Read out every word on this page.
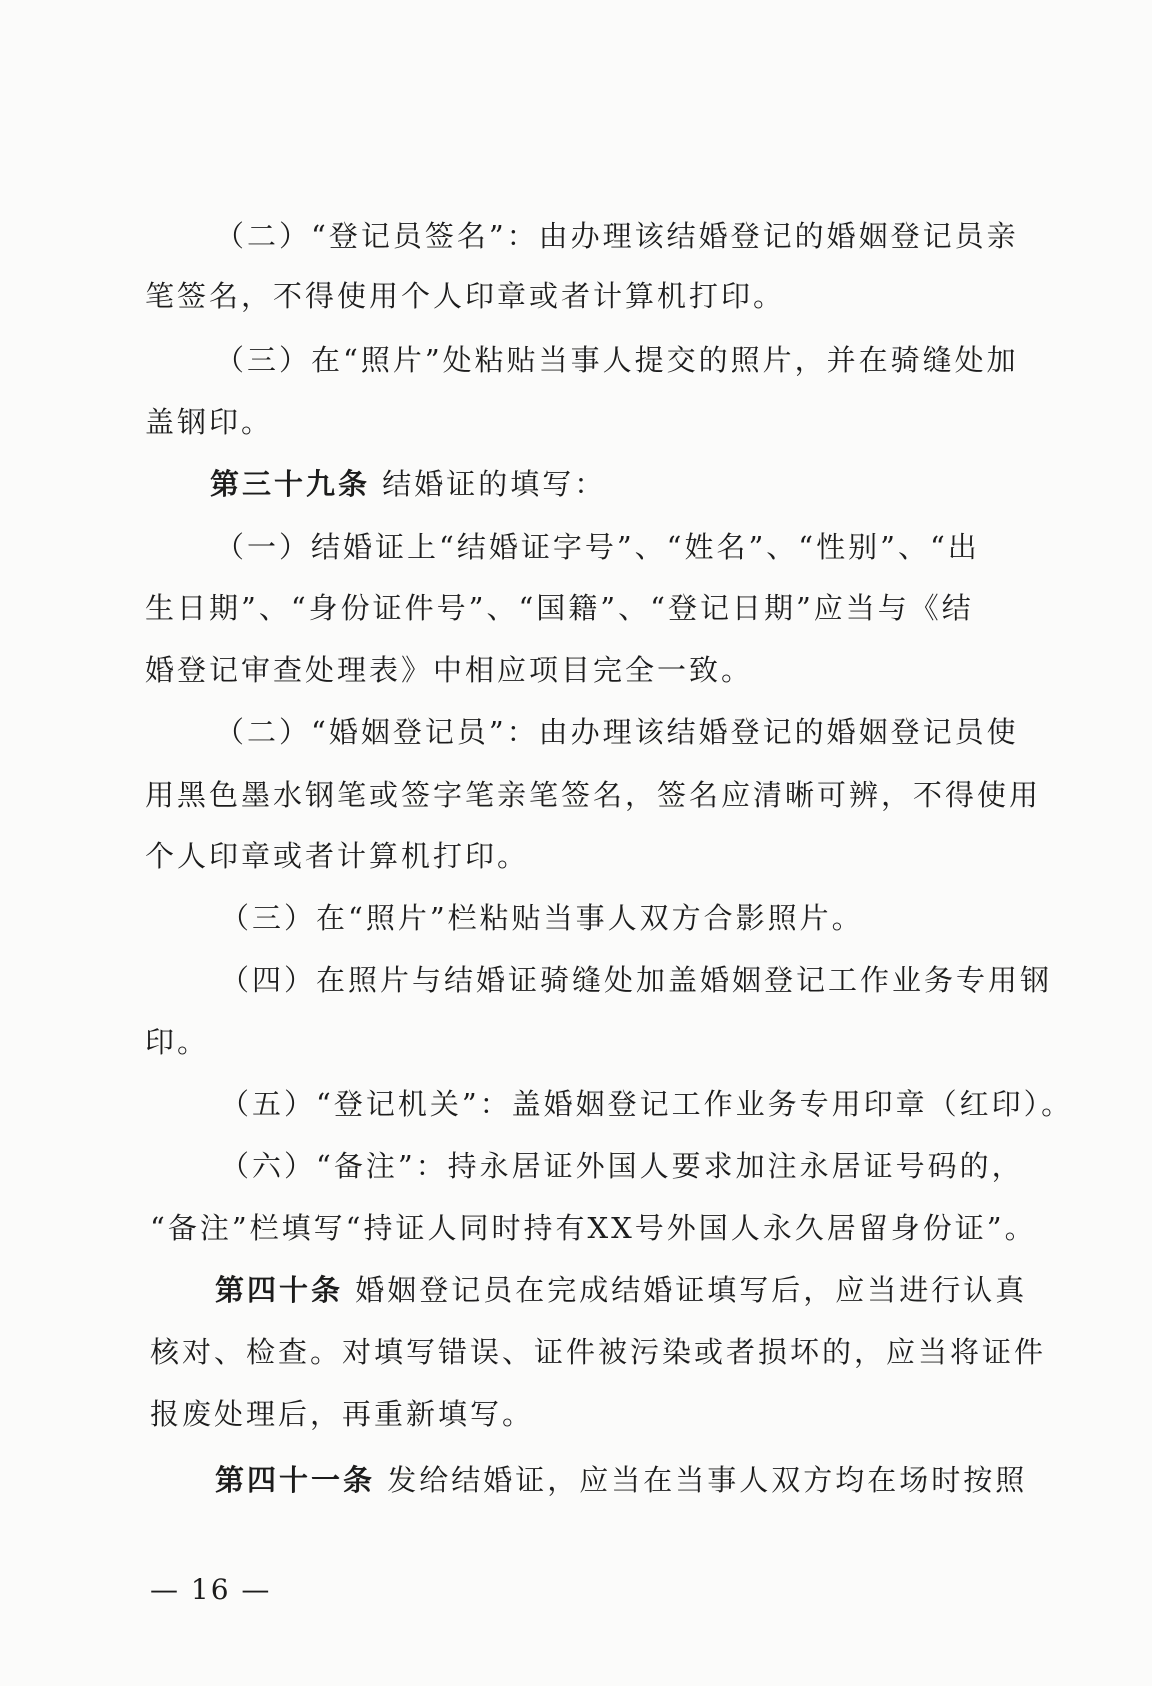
（二）“登记员签名”：由办理该结婚登记的婚姻登记员亲

笔签名，不得使用个人印章或者计算机打印。

（三）在“照片”处粘贴当事人提交的照片，并在骑缝处加

盖钢印。

第三十九条 结婚证的填写：

（一）结婚证上“结婚证字号”、“姓名”、“性别”、“出

生日期”、“身份证件号”、“国籍”、“登记日期”应当与《结

婚登记审查处理表》中相应项目完全一致。

（二）“婚姻登记员”：由办理该结婚登记的婚姻登记员使

用黑色墨水钢笔或签字笔亲笔签名，签名应清晰可辨，不得使用

个人印章或者计算机打印。

（三）在“照片”栏粘贴当事人双方合影照片。

（四）在照片与结婚证骑缝处加盖婚姻登记工作业务专用钢

印。

（五）“登记机关”：盖婚姻登记工作业务专用印章（红印）。

（六）“备注”：持永居证外国人要求加注永居证号码的，

“备注”栏填写“持证人同时持有XX号外国人永久居留身份证”。

第四十条 婚姻登记员在完成结婚证填写后，应当进行认真

核对、检查。对填写错误、证件被污染或者损坏的，应当将证件

报废处理后，再重新填写。

第四十一条 发给结婚证，应当在当事人双方均在场时按照

— 16 —
